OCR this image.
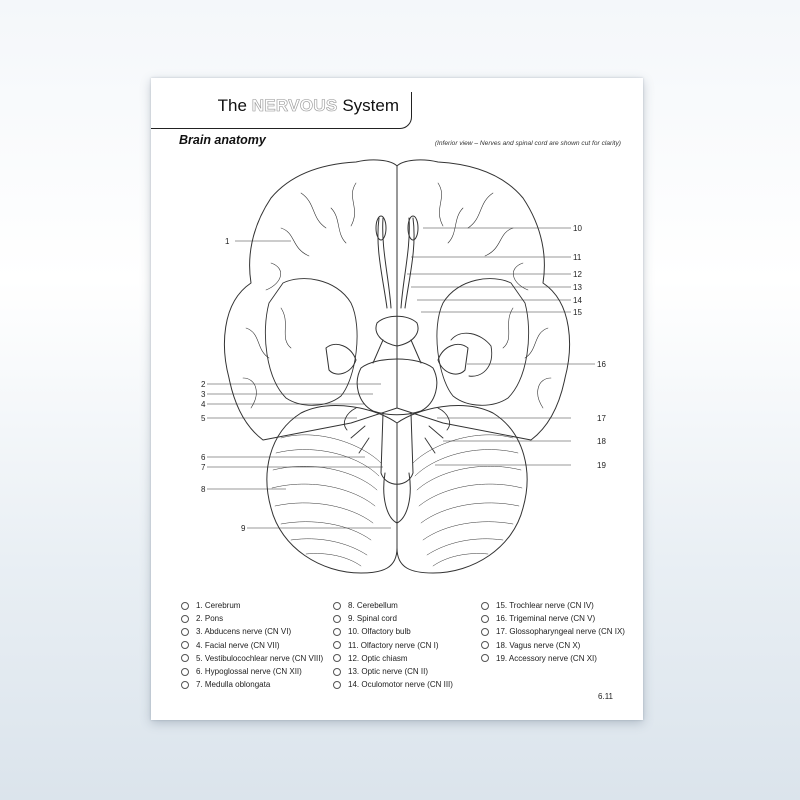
The NERVOUS System
Brain anatomy	(Inferior view – Nerves and spinal cord are shown cut for clarity)
1
2
3
4
5
6
7
8
9
10
11
12
13
14
15
16
17
18
19
1. Cerebrum
2. Pons
3. Abducens nerve (CN VI)
4. Facial nerve (CN VII)
5. Vestibulocochlear nerve (CN VIII)
6. Hypoglossal nerve (CN XII)
7. Medulla oblongata
8. Cerebellum
9. Spinal cord
10. Olfactory bulb
11. Olfactory nerve (CN I)
12. Optic chiasm
13. Optic nerve (CN II)
14. Oculomotor nerve (CN III)
15. Trochlear nerve (CN IV)
16. Trigeminal nerve (CN V)
17. Glossopharyngeal nerve (CN IX)
18. Vagus nerve (CN X)
19. Accessory nerve (CN XI)
6.11
